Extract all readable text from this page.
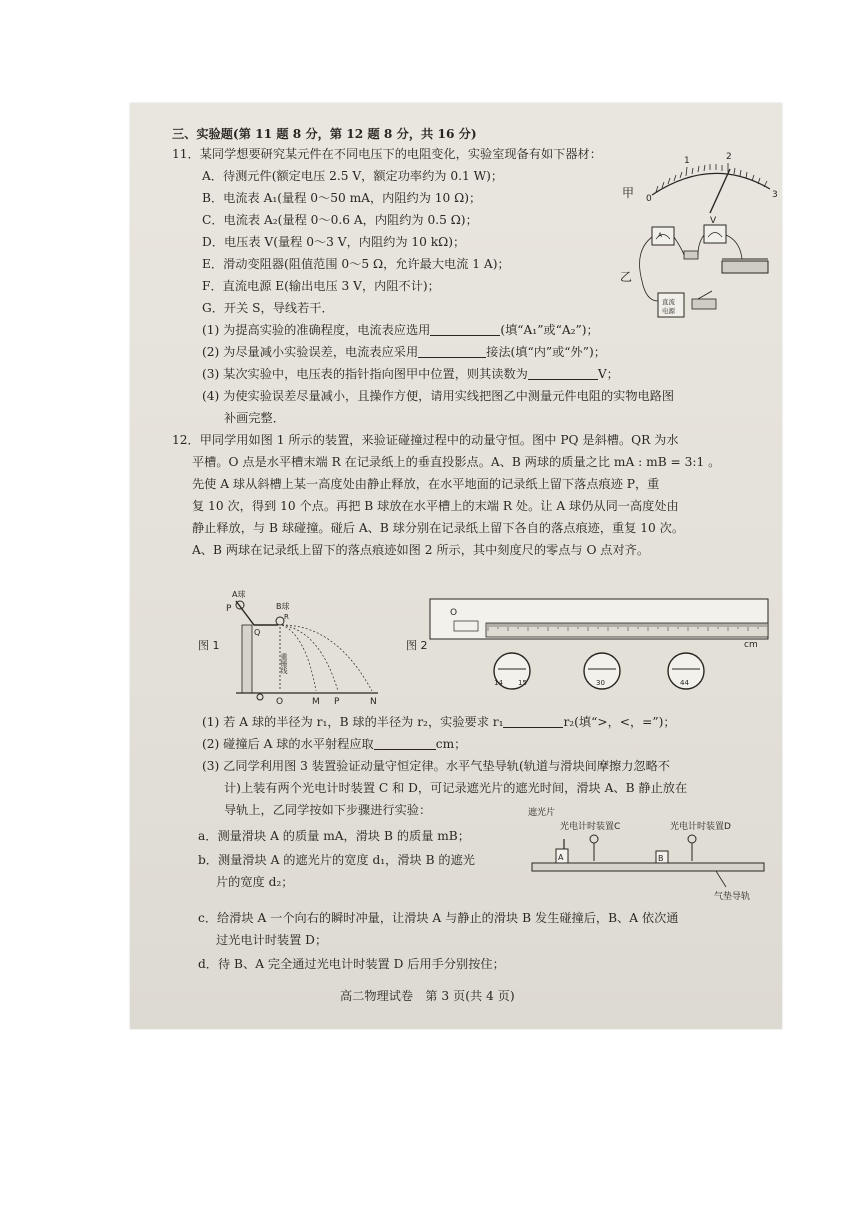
三、实验题(第 11 题 8 分，第 12 题 8 分，共 16 分)
11．某同学想要研究某元件在不同电压下的电阻变化，实验室现备有如下器材：
A．待测元件(额定电压 2.5 V，额定功率约为 0.1 W)；
B．电流表 A₁(量程 0～50 mA，内阻约为 10 Ω)；
C．电流表 A₂(量程 0～0.6 A，内阻约为 0.5 Ω)；
D．电压表 V(量程 0～3 V，内阻约为 10 kΩ)；
E．滑动变阻器(阻值范围 0～5 Ω，允许最大电流 1 A)；
F．直流电源 E(输出电压 3 V，内阻不计)；
G．开关 S，导线若干．
(1) 为提高实验的准确程度，电流表应选用	(填“A₁”或“A₂”)；
(2) 为尽量减小实验误差，电流表应采用	接法(填“内”或“外”)；
(3) 某次实验中，电压表的指针指向图甲中位置，则其读数为	V；
(4) 为使实验误差尽量减小，且操作方便，请用实线把图乙中测量元件电阻的实物电路图
补画完整．
甲 0
1	2
3
V
乙
A
直流
电源
12．甲同学用如图 1 所示的装置，来验证碰撞过程中的动量守恒。图中 PQ 是斜槽。QR 为水
平槽。O 点是水平槽末端 R 在记录纸上的垂直投影点。A、B 两球的质量之比 mA : mB = 3:1 。
先使 A 球从斜槽上某一高度处由静止释放，在水平地面的记录纸上留下落点痕迹 P，重
复 10 次，得到 10 个点。再把 B 球放在水平槽上的末端 R 处。让 A 球仍从同一高度处由
静止释放，与 B 球碰撞。碰后 A、B 球分别在记录纸上留下各自的落点痕迹，重复 10 次。
A、B 两球在记录纸上留下的落点痕迹如图 2 所示，其中刻度尺的零点与 O 点对齐。
图 1
A球
P
Q
B球
R
重锤线
O	M P	N
图 2
O
cm
14 15	30	44
(1) 若 A 球的半径为 r₁，B 球的半径为 r₂，实验要求 r₁	r₂(填“>，<，=”)；
(2) 碰撞后 A 球的水平射程应取	cm；
(3) 乙同学利用图 3 装置验证动量守恒定律。水平气垫导轨(轨道与滑块间摩擦力忽略不
计)上装有两个光电计时装置 C 和 D，可记录遮光片的遮光时间，滑块 A、B 静止放在
导轨上，乙同学按如下步骤进行实验：
a．测量滑块 A 的质量 mA，滑块 B 的质量 mB；
b．测量滑块 A 的遮光片的宽度 d₁，滑块 B 的遮光
片的宽度 d₂；
遮光片
光电计时装置C	光电计时装置D
A	B
气垫导轨
c．给滑块 A 一个向右的瞬时冲量，让滑块 A 与静止的滑块 B 发生碰撞后，B、A 依次通
过光电计时装置 D；
d．待 B、A 完全通过光电计时装置 D 后用手分别按住；
高二物理试卷　第 3 页(共 4 页)
